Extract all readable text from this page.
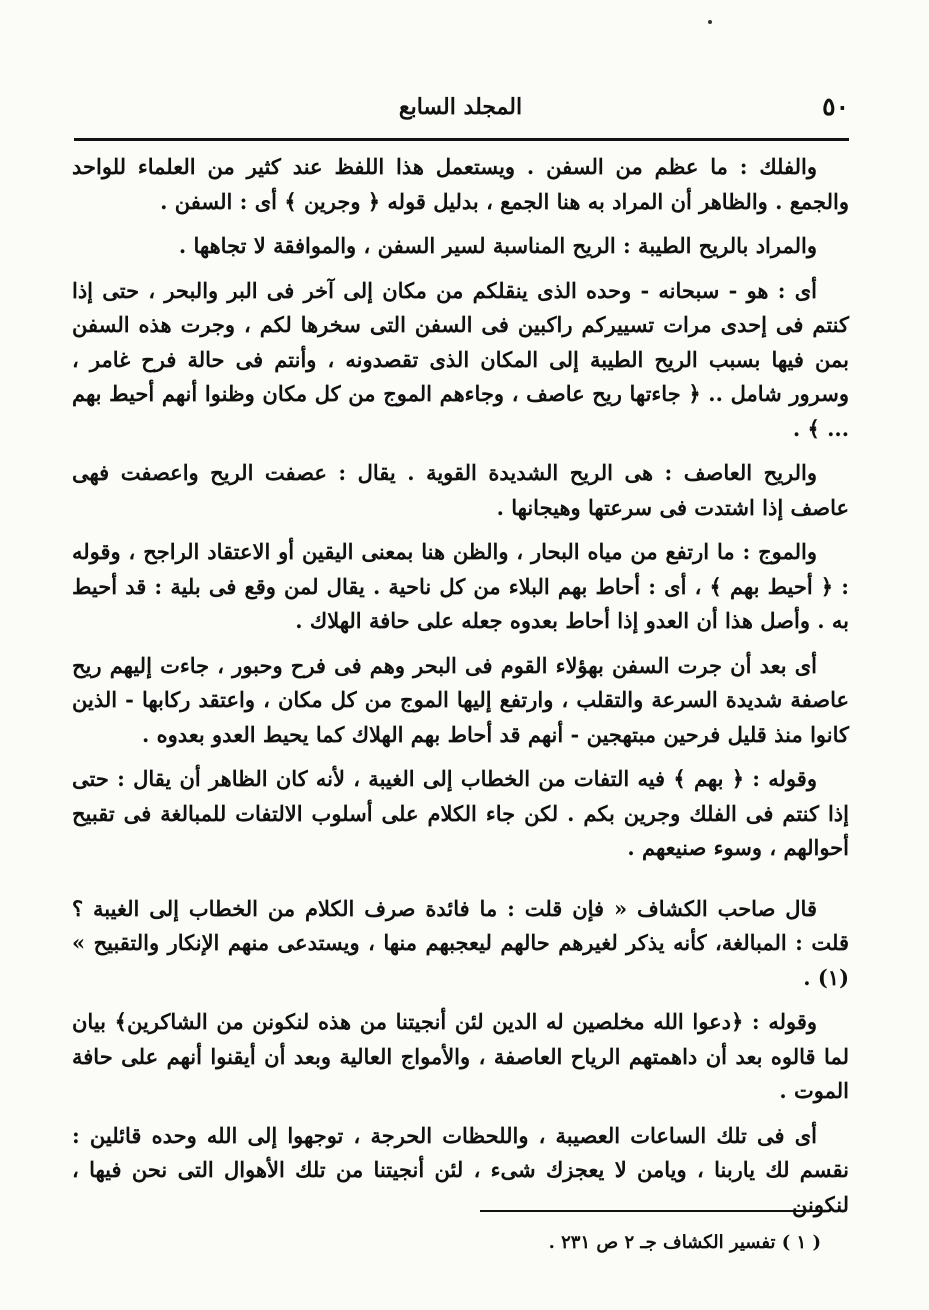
٥٠
المجلد السابع

والفلك : ما عظم من السفن . ويستعمل هذا اللفظ عند كثير من العلماء للواحد والجمع . والظاهر أن المراد به هنا الجمع ، بدليل قوله ﴿ وجرين ﴾ أى : السفن .

والمراد بالريح الطيبة : الريح المناسبة لسير السفن ، والموافقة لا تجاهها .

أى : هو - سبحانه - وحده الذى ينقلكم من مكان إلى آخر فى البر والبحر ، حتى إذا كنتم فى إحدى مرات تسييركم راكبين فى السفن التى سخرها لكم ، وجرت هذه السفن بمن فيها بسبب الريح الطيبة إلى المكان الذى تقصدونه ، وأنتم فى حالة فرح غامر ، وسرور شامل .. ﴿ جاءتها ريح عاصف ، وجاءهم الموج من كل مكان وظنوا أنهم أحيط بهم ... ﴾ .

والريح العاصف : هى الريح الشديدة القوية . يقال : عصفت الريح واعصفت فهى عاصف إذا اشتدت فى سرعتها وهيجانها .

والموج : ما ارتفع من مياه البحار ، والظن هنا بمعنى اليقين أو الاعتقاد الراجح ، وقوله : ﴿ أحيط بهم ﴾ ، أى : أحاط بهم البلاء من كل ناحية . يقال لمن وقع فى بلية : قد أحيط به . وأصل هذا أن العدو إذا أحاط بعدوه جعله على حافة الهلاك .

أى بعد أن جرت السفن بهؤلاء القوم فى البحر وهم فى فرح وحبور ، جاءت إليهم ريح عاصفة شديدة السرعة والتقلب ، وارتفع إليها الموج من كل مكان ، واعتقد ركابها - الذين كانوا منذ قليل فرحين مبتهجين - أنهم قد أحاط بهم الهلاك كما يحيط العدو بعدوه .

وقوله : ﴿ بهم ﴾ فيه التفات من الخطاب إلى الغيبة ، لأنه كان الظاهر أن يقال : حتى إذا كنتم فى الفلك وجرين بكم . لكن جاء الكلام على أسلوب الالتفات للمبالغة فى تقبيح أحوالهم ، وسوء صنيعهم .

قال صاحب الكشاف « فإن قلت : ما فائدة صرف الكلام من الخطاب إلى الغيبة ؟ قلت : المبالغة، كأنه يذكر لغيرهم حالهم ليعجبهم منها ، ويستدعى منهم الإنكار والتقبيح » (١) .

وقوله : ﴿دعوا الله مخلصين له الدين لئن أنجيتنا من هذه لنكونن من الشاكرين﴾ بيان لما قالوه بعد أن داهمتهم الرياح العاصفة ، والأمواج العالية وبعد أن أيقنوا أنهم على حافة الموت .

أى فى تلك الساعات العصيبة ، واللحظات الحرجة ، توجهوا إلى الله وحده قائلين : نقسم لك ياربنا ، ويامن لا يعجزك شىء ، لئن أنجيتنا من تلك الأهوال التى نحن فيها ، لنكونن

( ١ ) تفسير الكشاف جـ ٢ ص ٢٣١ .
